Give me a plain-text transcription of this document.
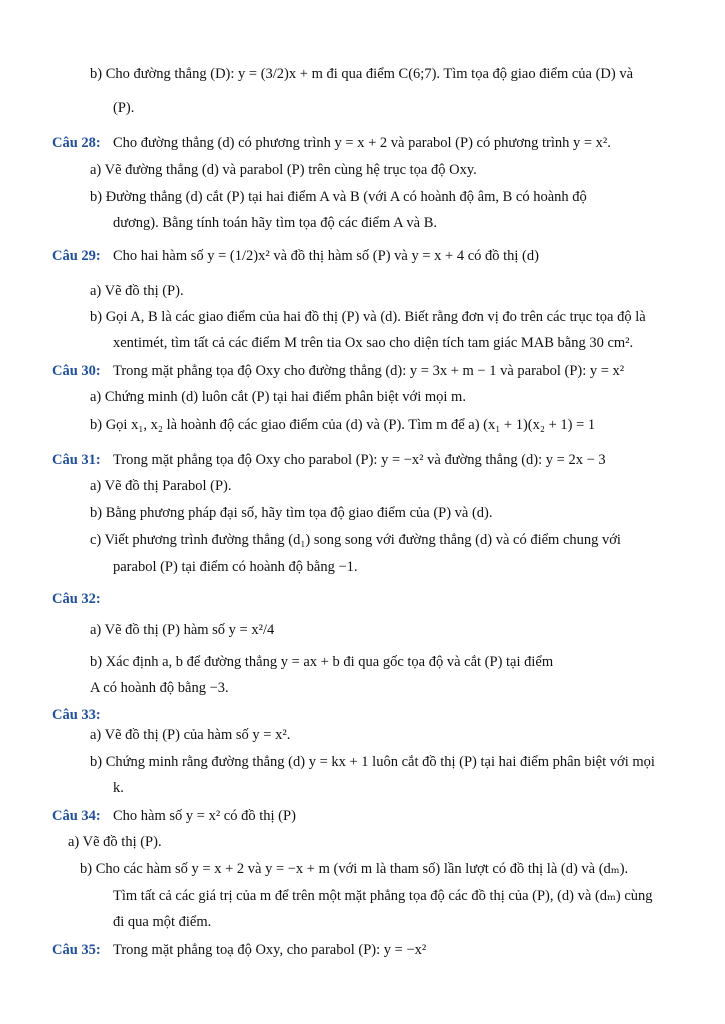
b) Cho đường thẳng (D): y = (3/2)x + m đi qua điểm C(6;7). Tìm tọa độ giao điểm của (D) và
(P).
Câu 28: Cho đường thẳng (d) có phương trình y = x + 2 và parabol (P) có phương trình y = x².
a) Vẽ đường thẳng (d) và parabol (P) trên cùng hệ trục tọa độ Oxy.
b) Đường thẳng (d) cắt (P) tại hai điểm A và B (với A có hoành độ âm, B có hoành độ
dương). Bằng tính toán hãy tìm tọa độ các điểm A và B.
Câu 29: Cho hai hàm số y = (1/2)x² và đồ thị hàm số (P) và y = x + 4 có đồ thị (d)
a) Vẽ đồ thị (P).
b) Gọi A, B là các giao điểm của hai đồ thị (P) và (d). Biết rằng đơn vị đo trên các trục tọa độ là
xentimét, tìm tất cả các điểm M trên tia Ox sao cho diện tích tam giác MAB bằng 30 cm².
Câu 30: Trong mặt phẳng tọa độ Oxy cho đường thẳng (d): y = 3x + m − 1 và parabol (P): y = x²
a) Chứng minh (d) luôn cắt (P) tại hai điểm phân biệt với mọi m.
b) Gọi x₁, x₂ là hoành độ các giao điểm của (d) và (P). Tìm m để a) (x₁ + 1)(x₂ + 1) = 1
Câu 31: Trong mặt phẳng tọa độ Oxy cho parabol (P): y = −x² và đường thẳng (d): y = 2x − 3
a) Vẽ đồ thị Parabol (P).
b) Bằng phương pháp đại số, hãy tìm tọa độ giao điểm của (P) và (d).
c) Viết phương trình đường thẳng (d₁) song song với đường thẳng (d) và có điểm chung với
parabol (P) tại điểm có hoành độ bằng −1.
Câu 32:
a) Vẽ đồ thị (P) hàm số y = x²/4
b) Xác định a, b để đường thẳng y = ax + b đi qua gốc tọa độ và cắt (P) tại điểm
A có hoành độ bằng −3.
Câu 33:
a) Vẽ đồ thị (P) của hàm số y = x².
b) Chứng minh rằng đường thẳng (d) y = kx + 1 luôn cắt đồ thị (P) tại hai điểm phân biệt với mọi
k.
Câu 34: Cho hàm số y = x² có đồ thị (P)
a) Vẽ đồ thị (P).
b) Cho các hàm số y = x + 2 và y = −x + m (với m là tham số) lần lượt có đồ thị là (d) và (dₘ).
Tìm tất cả các giá trị của m để trên một mặt phẳng tọa độ các đồ thị của (P), (d) và (dₘ) cùng
đi qua một điểm.
Câu 35: Trong mặt phẳng toạ độ Oxy, cho parabol (P): y = −x²
